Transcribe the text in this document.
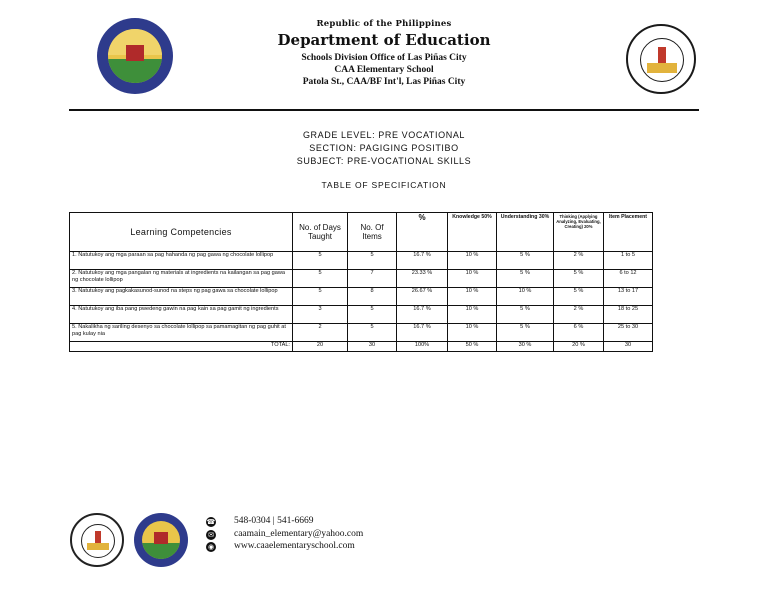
Republic of the Philippines
Department of Education
Schools Division Office of Las Piñas City
CAA Elementary School
Patola St., CAA/BF Int'l, Las Piñas City
GRADE LEVEL: PRE VOCATIONAL
SECTION: PAGIGING POSITIBO
SUBJECT: PRE-VOCATIONAL SKILLS
TABLE OF SPECIFICATION
Learning Competencies	No. of Days Taught	No. Of Items	%	Knowledge 50%	Understanding 30%	Thinking (Applying Analyzing, Evaluating, Creating) 20%	Item Placement
1. Natutukoy ang mga paraan sa pag hahanda ng pag gawa ng chocolate lollipop	5	5	16.7 %	10 %	5 %	2 %	1 to 5
2. Natutukoy ang mga pangalan ng materials at ingredients na kailangan sa pag gawa ng chocolate lollipop	5	7	23.33 %	10 %	5 %	5 %	6 to 12
3. Natutukoy ang pagkakasunod-sunod na steps ng pag gawa sa chocolate lollipop	5	8	26.67 %	10 %	10 %	5 %	13 to 17
4. Natutukoy ang iba pang pwedeng gawin na pag kain sa pag gamit ng ingredients	3	5	16.7 %	10 %	5 %	2 %	18 to 25
5. Nakalikha ng sariling desenyo sa chocolate lollipop sa pamamagitan ng pag guhit at pag kulay nia	2	5	16.7 %	10 %	5 %	6 %	25 to 30
TOTAL:	20	30	100%	50 %	30 %	20 %	30
☎ 548-0304 | 541-6669
✉ caamain_elementary@yahoo.com
◉ www.caaelementaryschool.com
